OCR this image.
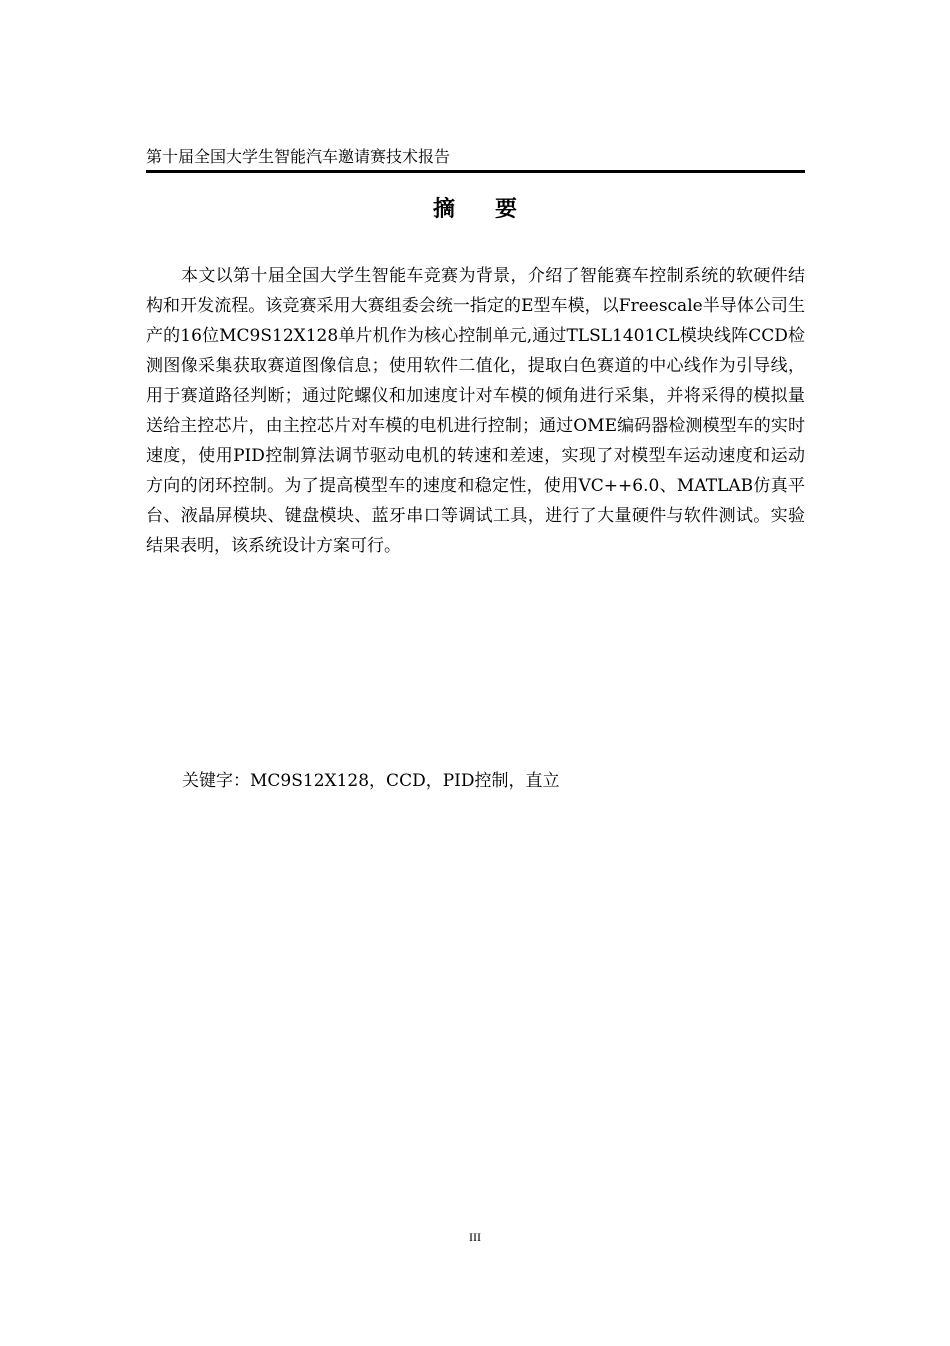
第十届全国大学生智能汽车邀请赛技术报告
摘要

本文以第十届全国大学生智能车竞赛为背景，介绍了智能赛车控制系统的软硬件结构和开发流程。该竞赛采用大赛组委会统一指定的E型车模，以Freescale半导体公司生产的16位MC9S12X128单片机作为核心控制单元,通过TLSL1401CL模块线阵CCD检测图像采集获取赛道图像信息；使用软件二值化，提取白色赛道的中心线作为引导线，用于赛道路径判断；通过陀螺仪和加速度计对车模的倾角进行采集，并将采得的模拟量送给主控芯片，由主控芯片对车模的电机进行控制；通过OME编码器检测模型车的实时速度，使用PID控制算法调节驱动电机的转速和差速，实现了对模型车运动速度和运动方向的闭环控制。为了提高模型车的速度和稳定性，使用VC++6.0、MATLAB仿真平台、液晶屏模块、键盘模块、蓝牙串口等调试工具，进行了大量硬件与软件测试。实验结果表明，该系统设计方案可行。

关键字：MC9S12X128，CCD，PID控制，直立
III
